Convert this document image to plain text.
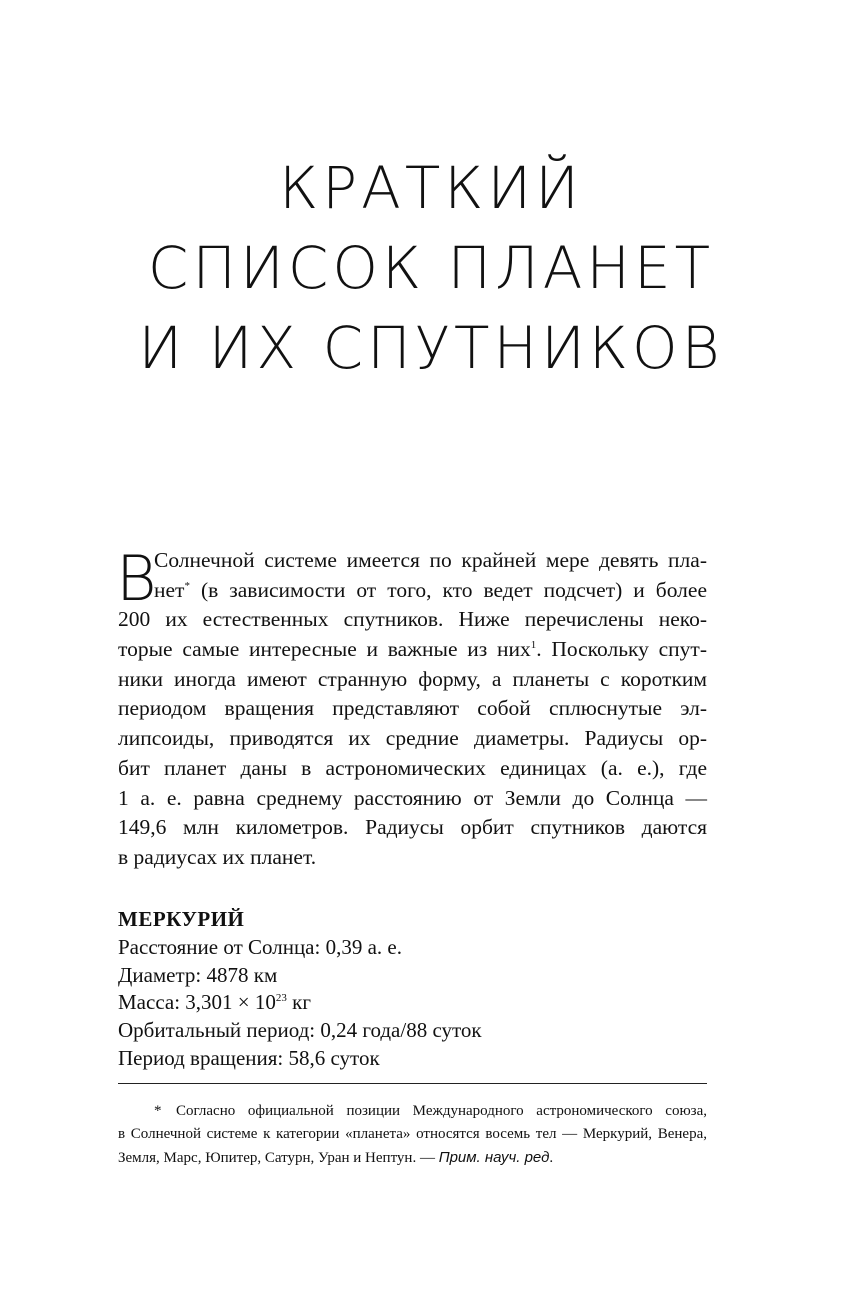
КРАТКИЙ
СПИСОК ПЛАНЕТ
И ИХ СПУТНИКОВ
В
Солнечной системе имеется по крайней мере девять пла-
нет* (в зависимости от того, кто ведет подсчет) и более
200 их естественных спутников. Ниже перечислены неко-
торые самые интересные и важные из них$^1$. Поскольку спут-
ники иногда имеют странную форму, а планеты с коротким
периодом вращения представляют собой сплюснутые эл-
липсоиды, приводятся их средние диаметры. Радиусы ор-
бит планет даны в астрономических единицах (а. е.), где
1 а. е. равна среднему расстоянию от Земли до Солнца —
149,6 млн километров. Радиусы орбит спутников даются
в радиусах их планет.
МЕРКУРИЙ
Расстояние от Солнца: 0,39 а. е.
Диаметр: 4878 км
Масса: $3,301 \times 10^{23}$ кг
Орбитальный период: 0,24 года/88 суток
Период вращения: 58,6 суток
* Согласно официальной позиции Международного астрономического союза,
в Солнечной системе к категории «планета» относятся восемь тел — Меркурий, Венера,
Земля, Марс, Юпитер, Сатурн, Уран и Нептун. — Прим. науч. ред.
